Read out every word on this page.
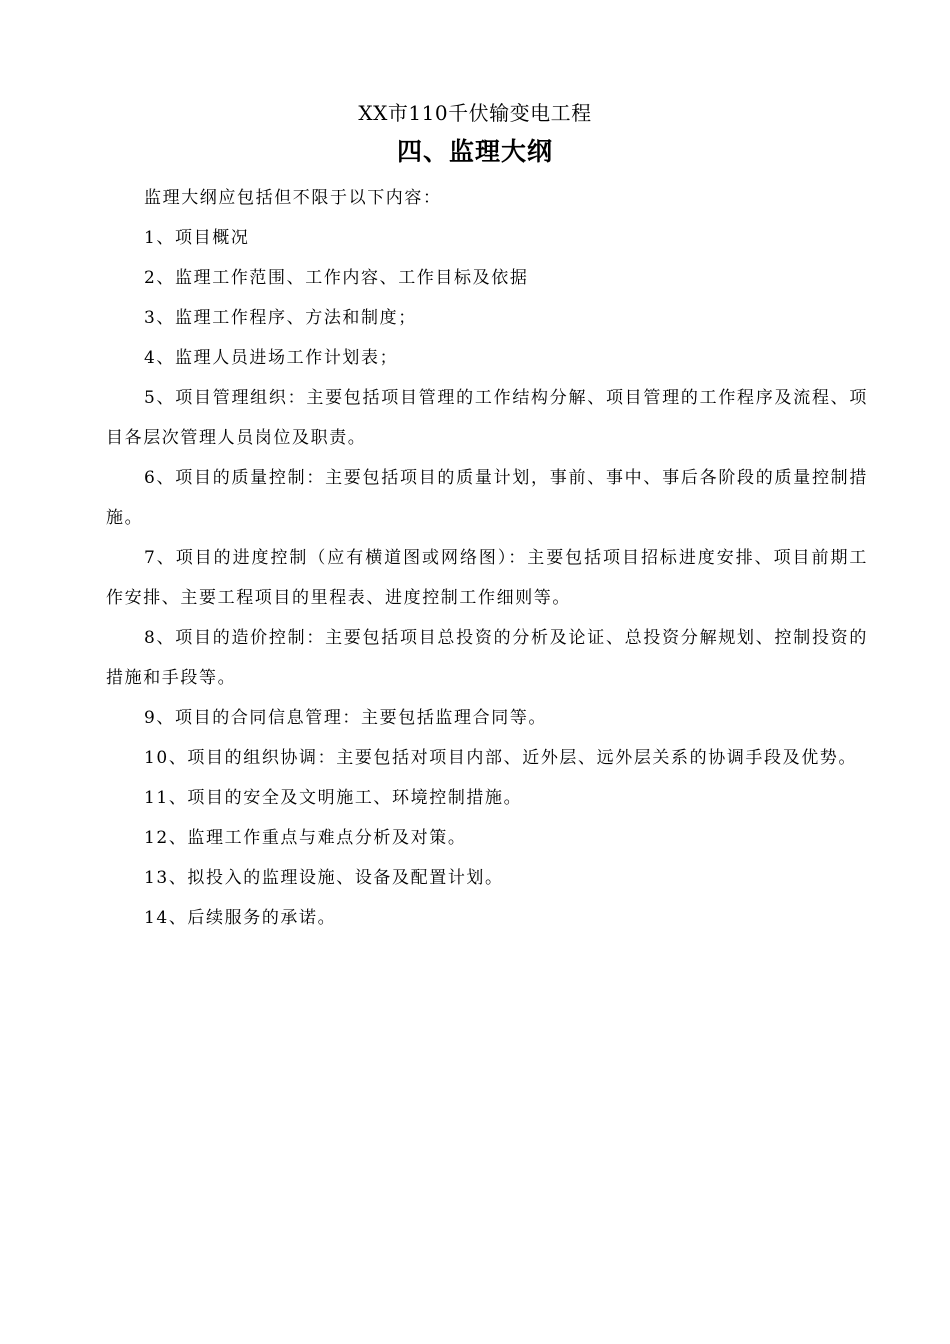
XX市110千伏输变电工程
四、监理大纲

监理大纲应包括但不限于以下内容：

1、项目概况

2、监理工作范围、工作内容、工作目标及依据

3、监理工作程序、方法和制度；

4、监理人员进场工作计划表；

5、项目管理组织：主要包括项目管理的工作结构分解、项目管理的工作程序及流程、项目各层次管理人员岗位及职责。

6、项目的质量控制：主要包括项目的质量计划，事前、事中、事后各阶段的质量控制措施。

7、项目的进度控制（应有横道图或网络图）：主要包括项目招标进度安排、项目前期工作安排、主要工程项目的里程表、进度控制工作细则等。

8、项目的造价控制：主要包括项目总投资的分析及论证、总投资分解规划、控制投资的措施和手段等。

9、项目的合同信息管理：主要包括监理合同等。

10、项目的组织协调：主要包括对项目内部、近外层、远外层关系的协调手段及优势。

11、项目的安全及文明施工、环境控制措施。

12、监理工作重点与难点分析及对策。

13、拟投入的监理设施、设备及配置计划。

14、后续服务的承诺。
